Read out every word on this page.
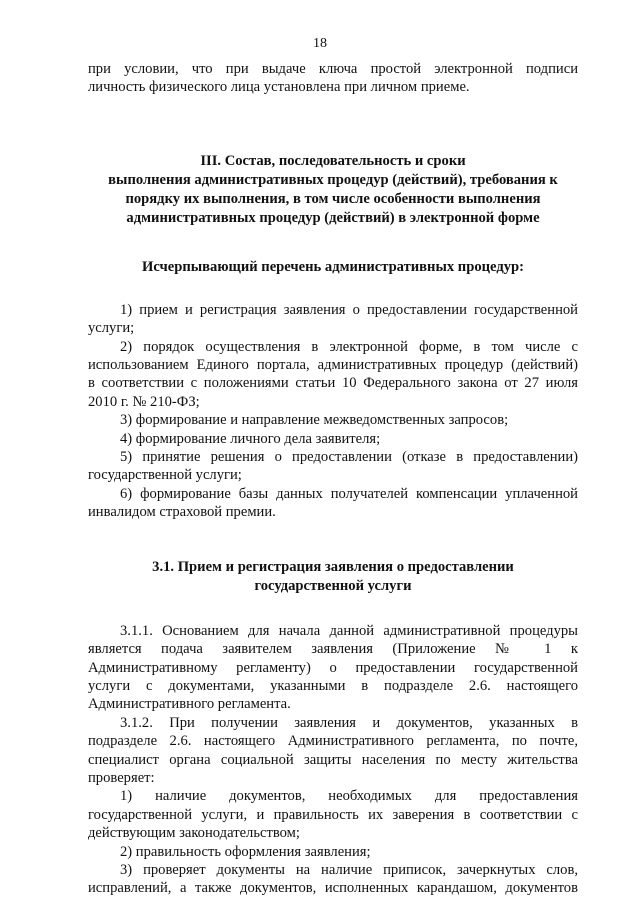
18

при условии, что при выдаче ключа простой электронной подписи

личность физического лица установлена при личном приеме.

III. Состав, последовательность и сроки

выполнения административных процедур (действий), требования к

порядку их выполнения, в том числе особенности выполнения

административных процедур (действий) в электронной форме

Исчерпывающий перечень административных процедур:

1) прием и регистрация заявления о предоставлении государственной

услуги;

2) порядок осуществления в электронной форме, в том числе с

использованием Единого портала, административных процедур (действий)

в соответствии с положениями статьи 10 Федерального закона от 27 июля

2010 г. № 210-ФЗ;

3) формирование и направление межведомственных запросов;

4) формирование личного дела заявителя;

5) принятие решения о предоставлении (отказе в предоставлении)

государственной услуги;

6) формирование базы данных получателей компенсации уплаченной

инвалидом страховой премии.

3.1. Прием и регистрация заявления о предоставлении

государственной услуги

3.1.1. Основанием для начала данной административной процедуры

является подача заявителем заявления (Приложение № 1 к

Административному регламенту) о предоставлении государственной

услуги с документами, указанными в подразделе 2.6. настоящего

Административного регламента.

3.1.2. При получении заявления и документов, указанных в

подразделе 2.6. настоящего Административного регламента, по почте,

специалист органа социальной защиты населения по месту жительства

проверяет:

1) наличие документов, необходимых для предоставления

государственной услуги, и правильность их заверения в соответствии с

действующим законодательством;

2) правильность оформления заявления;

3) проверяет документы на наличие приписок, зачеркнутых слов,

исправлений, а также документов, исполненных карандашом, документов
